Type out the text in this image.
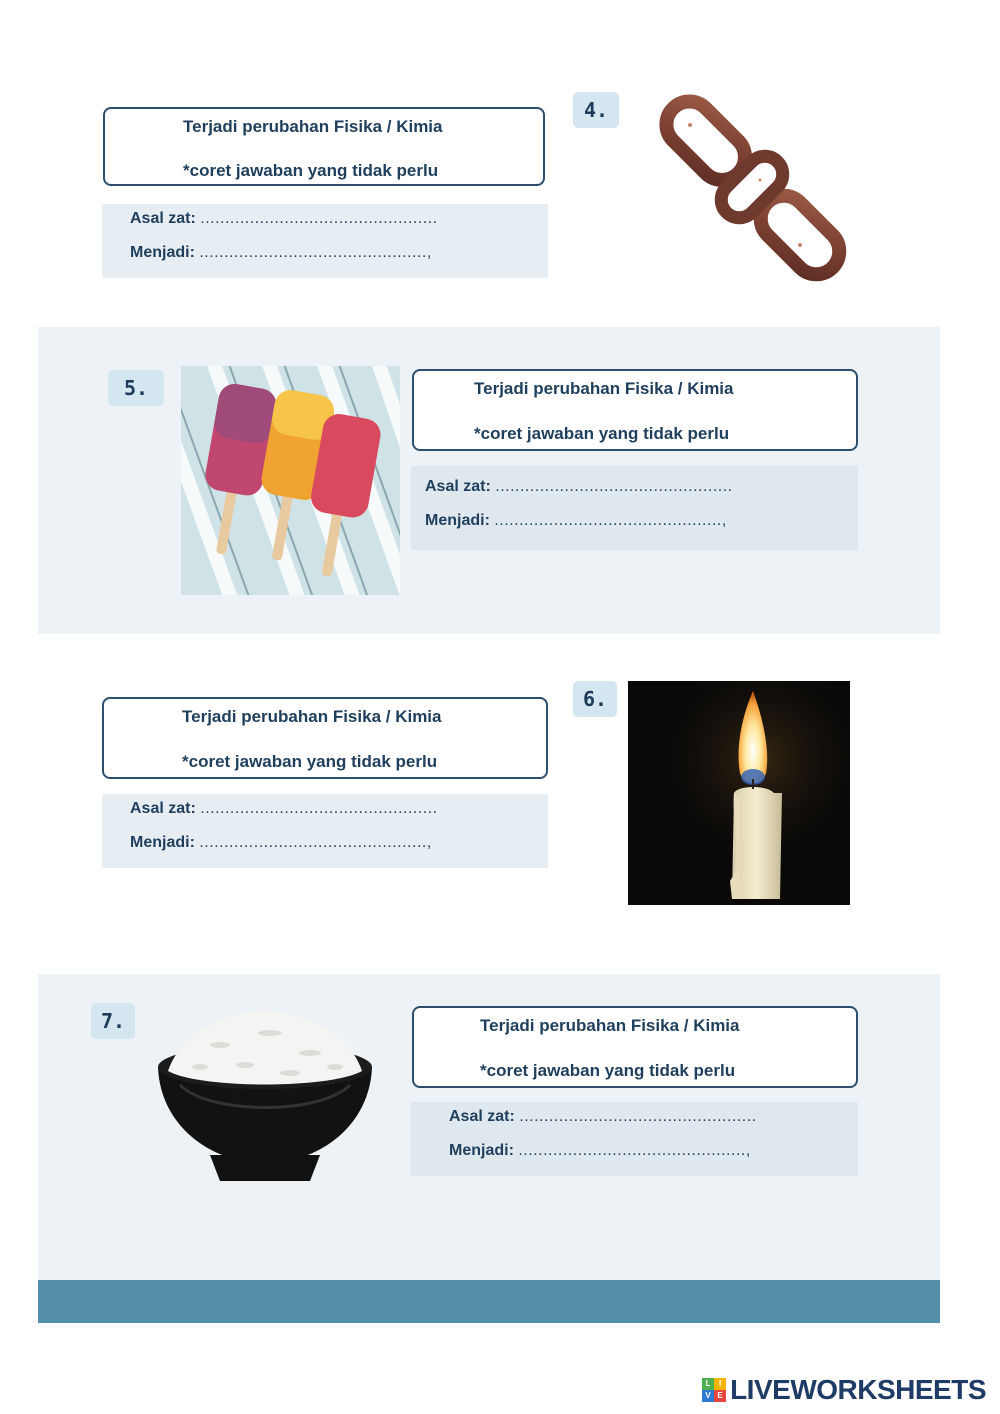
Terjadi perubahan Fisika / Kimia
*coret jawaban yang tidak perlu
Asal zat: ................................................
Menjadi: ..............................................,
4.
5.	Terjadi perubahan Fisika / Kimia
*coret jawaban yang tidak perlu
Asal zat: ................................................
Menjadi: ..............................................,
Terjadi perubahan Fisika / Kimia
*coret jawaban yang tidak perlu
Asal zat: ................................................
Menjadi: ..............................................,
6.
7.	Terjadi perubahan Fisika / Kimia
*coret jawaban yang tidak perlu
Asal zat: ................................................
Menjadi: ..............................................,
L	I
V E LIVEWORKSHEETS
